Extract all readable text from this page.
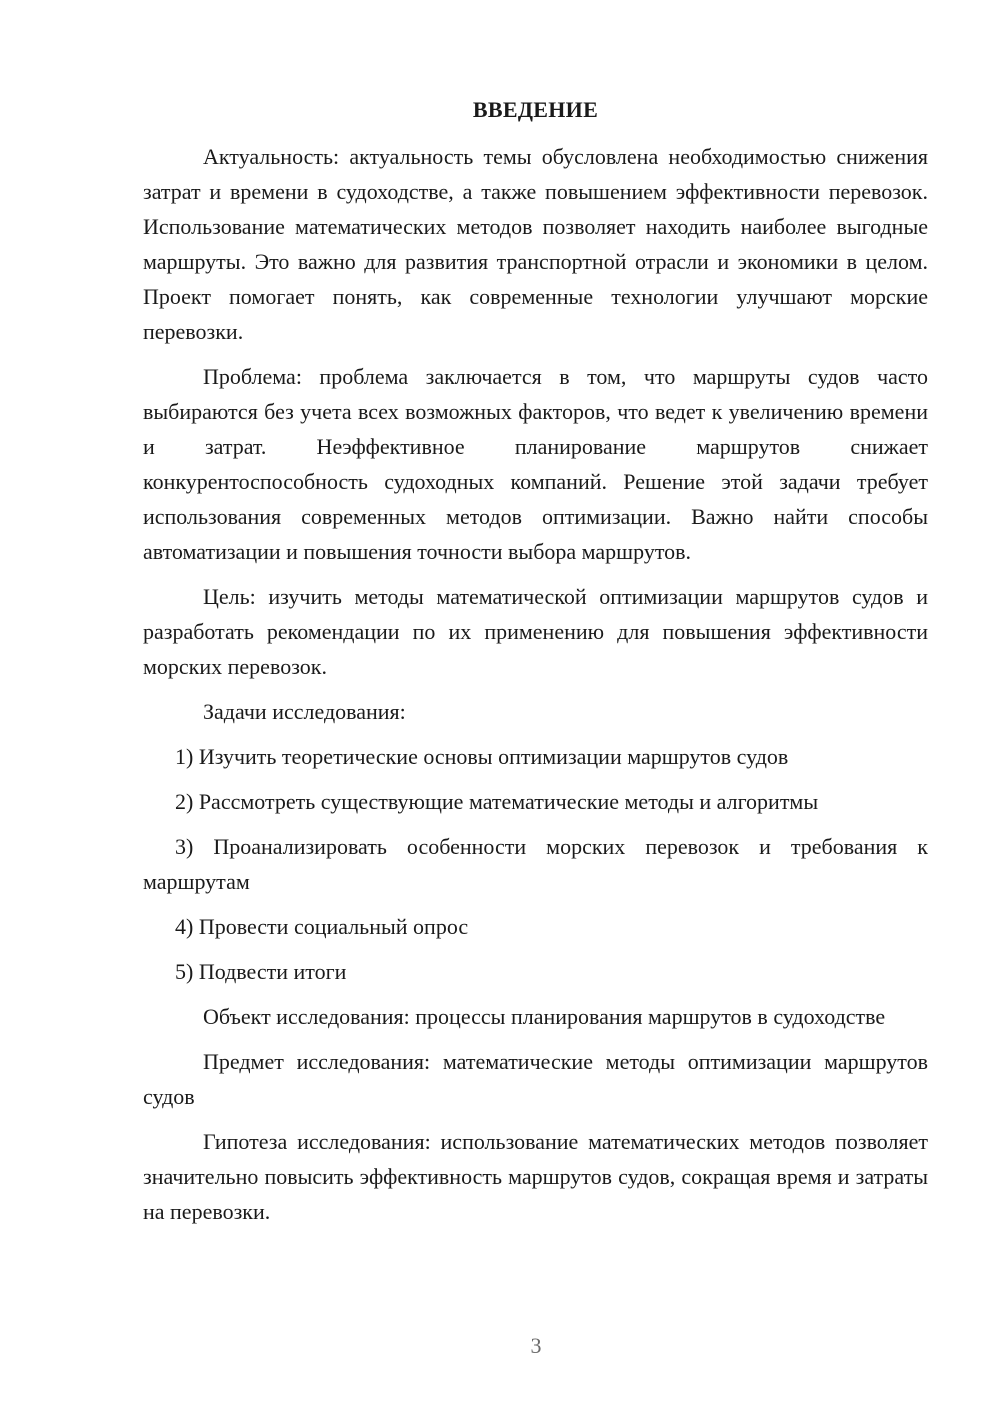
ВВЕДЕНИЕ

Актуальность: актуальность темы обусловлена необходимостью снижения затрат и времени в судоходстве, а также повышением эффективности перевозок. Использование математических методов позволяет находить наиболее выгодные маршруты. Это важно для развития транспортной отрасли и экономики в целом. Проект помогает понять, как современные технологии улучшают морские перевозки.

Проблема: проблема заключается в том, что маршруты судов часто выбираются без учета всех возможных факторов, что ведет к увеличению времени и затрат. Неэффективное планирование маршрутов снижает конкурентоспособность судоходных компаний. Решение этой задачи требует использования современных методов оптимизации. Важно найти способы автоматизации и повышения точности выбора маршрутов.

Цель: изучить методы математической оптимизации маршрутов судов и разработать рекомендации по их применению для повышения эффективности морских перевозок.

Задачи исследования:

1) Изучить теоретические основы оптимизации маршрутов судов

2) Рассмотреть существующие математические методы и алгоритмы

3) Проанализировать особенности морских перевозок и требования к маршрутам

4) Провести социальный опрос

5) Подвести итоги

Объект исследования: процессы планирования маршрутов в судоходстве

Предмет исследования: математические методы оптимизации маршрутов судов

Гипотеза исследования: использование математических методов позволяет значительно повысить эффективность маршрутов судов, сокращая время и затраты на перевозки.

3
